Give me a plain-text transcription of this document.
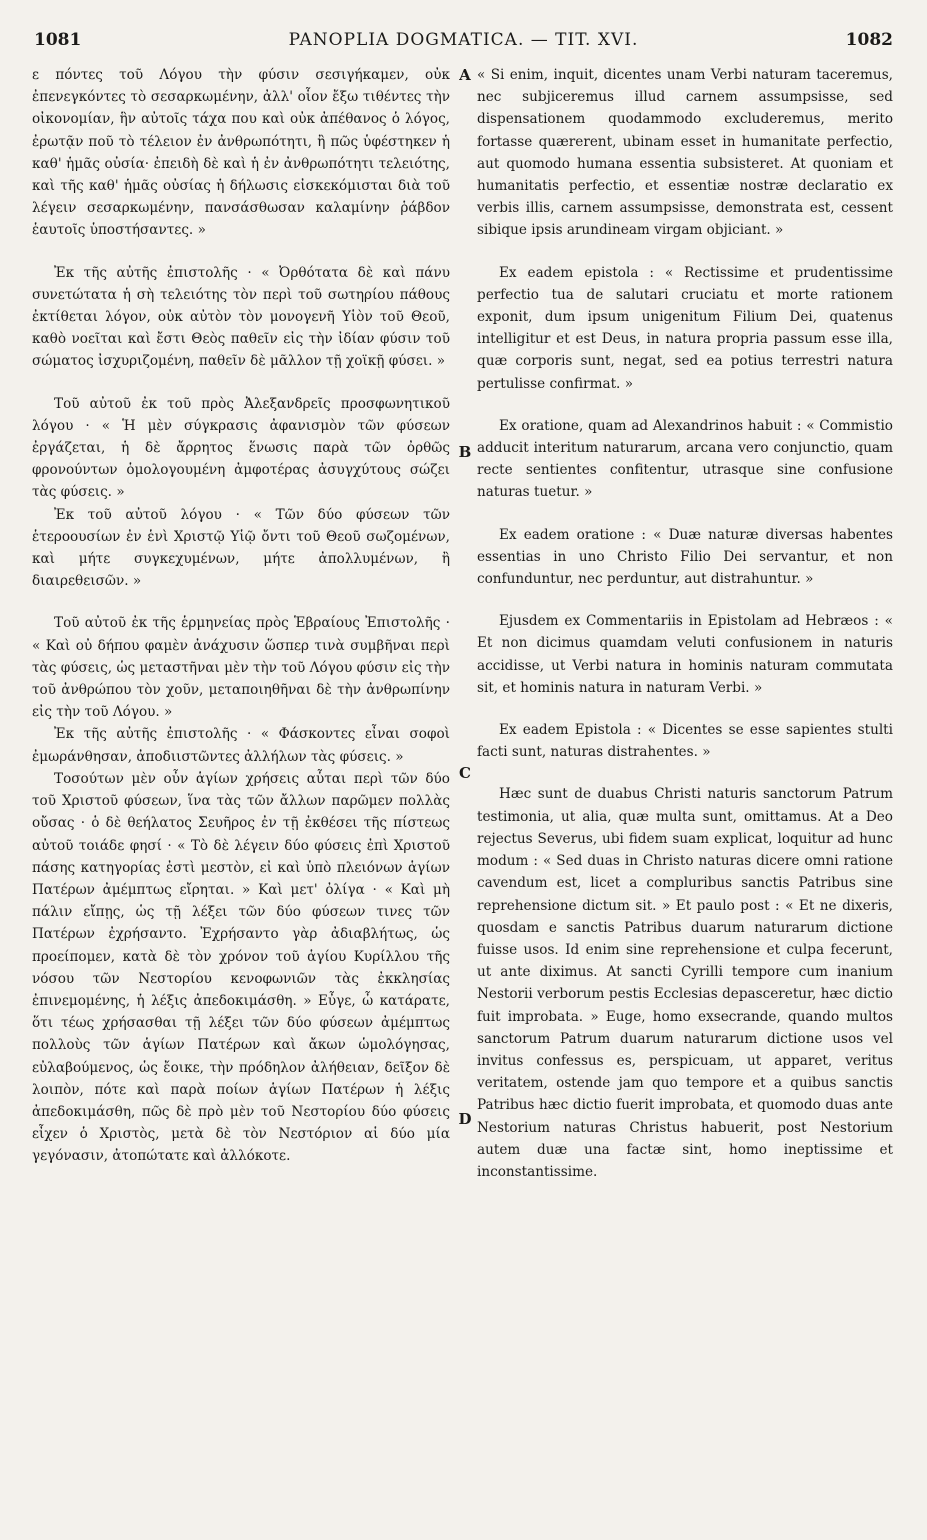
1081	PANOPLIA DOGMATICA. — TIT. XVI.	1082
A
B
C
D

ε πόντες τοῦ Λόγου τὴν φύσιν σεσιγήκαμεν, οὐκ ἐπενεγκόντες τὸ σεσαρκωμένην, ἀλλ' οἷον ἔξω τιθέντες τὴν οἰκονομίαν, ἣν αὐτοῖς τάχα που καὶ οὐκ ἀπέθανος ὁ λόγος, ἐρωτᾷν ποῦ τὸ τέλειον ἐν ἀνθρωπότητι, ἢ πῶς ὑφέστηκεν ἡ καθ' ἡμᾶς οὐσία· ἐπειδὴ δὲ καὶ ἡ ἐν ἀνθρωπότητι τελειότης, καὶ τῆς καθ' ἡμᾶς οὐσίας ἡ δήλωσις εἰσκεκόμισται διὰ τοῦ λέγειν σεσαρκωμένην, πανσάσθωσαν καλαμίνην ῥάβδον ἑαυτοῖς ὑποστήσαντες. »

Ἐκ τῆς αὐτῆς ἐπιστολῆς · « Ὀρθότατα δὲ καὶ πάνυ συνετώτατα ἡ σὴ τελειότης τὸν περὶ τοῦ σωτηρίου πάθους ἐκτίθεται λόγον, οὐκ αὐτὸν τὸν μονογενῆ Υἱὸν τοῦ Θεοῦ, καθὸ νοεῖται καὶ ἔστι Θεὸς παθεῖν εἰς τὴν ἰδίαν φύσιν τοῦ σώματος ἰσχυριζομένη, παθεῖν δὲ μᾶλλον τῇ χοϊκῇ φύσει. »

Τοῦ αὐτοῦ ἐκ τοῦ πρὸς Ἀλεξανδρεῖς προσφωνητικοῦ λόγου · « Ἡ μὲν σύγκρασις ἀφανισμὸν τῶν φύσεων ἐργάζεται, ἡ δὲ ἄρρητος ἕνωσις παρὰ τῶν ὀρθῶς φρονούντων ὁμολογουμένη ἀμφοτέρας ἀσυγχύτους σώζει τὰς φύσεις. »

Ἐκ τοῦ αὐτοῦ λόγου · « Τῶν δύο φύσεων τῶν ἑτεροουσίων ἐν ἑνὶ Χριστῷ Υἱῷ ὄντι τοῦ Θεοῦ σωζομένων, καὶ μήτε συγκεχυμένων, μήτε ἀπολλυμένων, ἢ διαιρεθεισῶν. »

Τοῦ αὐτοῦ ἐκ τῆς ἑρμηνείας πρὸς Ἑβραίους Ἐπιστολῆς · « Καὶ οὐ δήπου φαμὲν ἀνάχυσιν ὥσπερ τινὰ συμβῆναι περὶ τὰς φύσεις, ὡς μεταστῆναι μὲν τὴν τοῦ Λόγου φύσιν εἰς τὴν τοῦ ἀνθρώπου τὸν χοῦν, μεταποιηθῆναι δὲ τὴν ἀνθρωπίνην εἰς τὴν τοῦ Λόγου. »

Ἐκ τῆς αὐτῆς ἐπιστολῆς · « Φάσκοντες εἶναι σοφοὶ ἐμωράνθησαν, ἀποδιιστῶντες ἀλλήλων τὰς φύσεις. »

Τοσούτων μὲν οὖν ἁγίων χρήσεις αὗται περὶ τῶν δύο τοῦ Χριστοῦ φύσεων, ἵνα τὰς τῶν ἄλλων παρῶμεν πολλὰς οὔσας · ὁ δὲ θεήλατος Σευῆρος ἐν τῇ ἐκθέσει τῆς πίστεως αὐτοῦ τοιάδε φησί · « Τὸ δὲ λέγειν δύο φύσεις ἐπὶ Χριστοῦ πάσης κατηγορίας ἐστὶ μεστὸν, εἰ καὶ ὑπὸ πλειόνων ἁγίων Πατέρων ἀμέμπτως εἴρηται. » Καὶ μετ' ὀλίγα · « Καὶ μὴ πάλιν εἴπῃς, ὡς τῇ λέξει τῶν δύο φύσεων τινες τῶν Πατέρων ἐχρήσαντο. Ἐχρήσαντο γὰρ ἀδιαβλήτως, ὡς προείπομεν, κατὰ δὲ τὸν χρόνον τοῦ ἁγίου Κυρίλλου τῆς νόσου τῶν Νεστορίου κενοφωνιῶν τὰς ἐκκλησίας ἐπινεμομένης, ἡ λέξις ἀπεδοκιμάσθη. » Εὖγε, ὦ κατάρατε, ὅτι τέως χρήσασθαι τῇ λέξει τῶν δύο φύσεων ἀμέμπτως πολλοὺς τῶν ἁγίων Πατέρων καὶ ἄκων ὡμολόγησας, εὐλαβούμενος, ὡς ἔοικε, τὴν πρόδηλον ἀλήθειαν, δεῖξον δὲ λοιπὸν, πότε καὶ παρὰ ποίων ἁγίων Πατέρων ἡ λέξις ἀπεδοκιμάσθη, πῶς δὲ πρὸ μὲν τοῦ Νεστορίου δύο φύσεις εἶχεν ὁ Χριστὸς, μετὰ δὲ τὸν Νεστόριον αἱ δύο μία γεγόνασιν, ἀτοπώτατε καὶ ἀλλόκοτε.

« Si enim, inquit, dicentes unam Verbi naturam taceremus, nec subjiceremus illud carnem assumpsisse, sed dispensationem quodammodo excluderemus, merito fortasse quærerent, ubinam esset in humanitate perfectio, aut quomodo humana essentia subsisteret. At quoniam et humanitatis perfectio, et essentiæ nostræ declaratio ex verbis illis, carnem assumpsisse, demonstrata est, cessent sibique ipsis arundineam virgam objiciant. »

Ex eadem epistola : « Rectissime et prudentissime perfectio tua de salutari cruciatu et morte rationem exponit, dum ipsum unigenitum Filium Dei, quatenus intelligitur et est Deus, in natura propria passum esse illa, quæ corporis sunt, negat, sed ea potius terrestri natura pertulisse confirmat. »

Ex oratione, quam ad Alexandrinos habuit : « Commistio adducit interitum naturarum, arcana vero conjunctio, quam recte sentientes confitentur, utrasque sine confusione naturas tuetur. »

Ex eadem oratione : « Duæ naturæ diversas habentes essentias in uno Christo Filio Dei servantur, et non confunduntur, nec perduntur, aut distrahuntur. »

Ejusdem ex Commentariis in Epistolam ad Hebræos : « Et non dicimus quamdam veluti confusionem in naturis accidisse, ut Verbi natura in hominis naturam commutata sit, et hominis natura in naturam Verbi. »

Ex eadem Epistola : « Dicentes se esse sapientes stulti facti sunt, naturas distrahentes. »

Hæc sunt de duabus Christi naturis sanctorum Patrum testimonia, ut alia, quæ multa sunt, omittamus. At a Deo rejectus Severus, ubi fidem suam explicat, loquitur ad hunc modum : « Sed duas in Christo naturas dicere omni ratione cavendum est, licet a compluribus sanctis Patribus sine reprehensione dictum sit. » Et paulo post : « Et ne dixeris, quosdam e sanctis Patribus duarum naturarum dictione fuisse usos. Id enim sine reprehensione et culpa fecerunt, ut ante diximus. At sancti Cyrilli tempore cum inanium Nestorii verborum pestis Ecclesias depasceretur, hæc dictio fuit improbata. » Euge, homo exsecrande, quando multos sanctorum Patrum duarum naturarum dictione usos vel invitus confessus es, perspicuam, ut apparet, veritus veritatem, ostende jam quo tempore et a quibus sanctis Patribus hæc dictio fuerit improbata, et quomodo duas ante Nestorium naturas Christus habuerit, post Nestorium autem duæ una factæ sint, homo ineptissime et inconstantissime.
